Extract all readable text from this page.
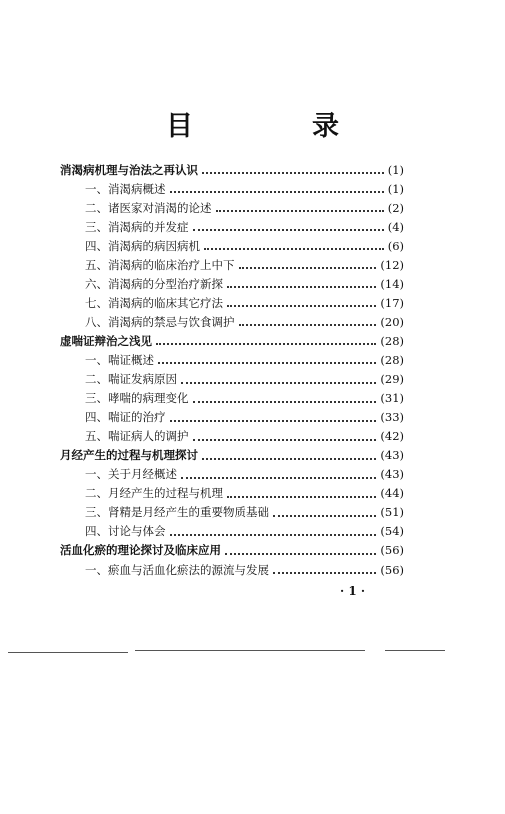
目　录
消渴病机理与治法之再认识	(1)
一、消渴病概述	(1)
二、诸医家对消渴的论述	(2)
三、消渴病的并发症	(4)
四、消渴病的病因病机	(6)
五、消渴病的临床治疗上中下	(12)
六、消渴病的分型治疗新探	(14)
七、消渴病的临床其它疗法	(17)
八、消渴病的禁忌与饮食调护	(20)
虚喘证辩治之浅见	(28)
一、喘证概述	(28)
二、喘证发病原因	(29)
三、哮喘的病理变化	(31)
四、喘证的治疗	(33)
五、喘证病人的调护	(42)
月经产生的过程与机理探讨	(43)
一、关于月经概述	(43)
二、月经产生的过程与机理	(44)
三、肾精是月经产生的重要物质基础	(51)
四、讨论与体会	(54)
活血化瘀的理论探讨及临床应用	(56)
一、瘀血与活血化瘀法的源流与发展	(56)
· 1 ·
